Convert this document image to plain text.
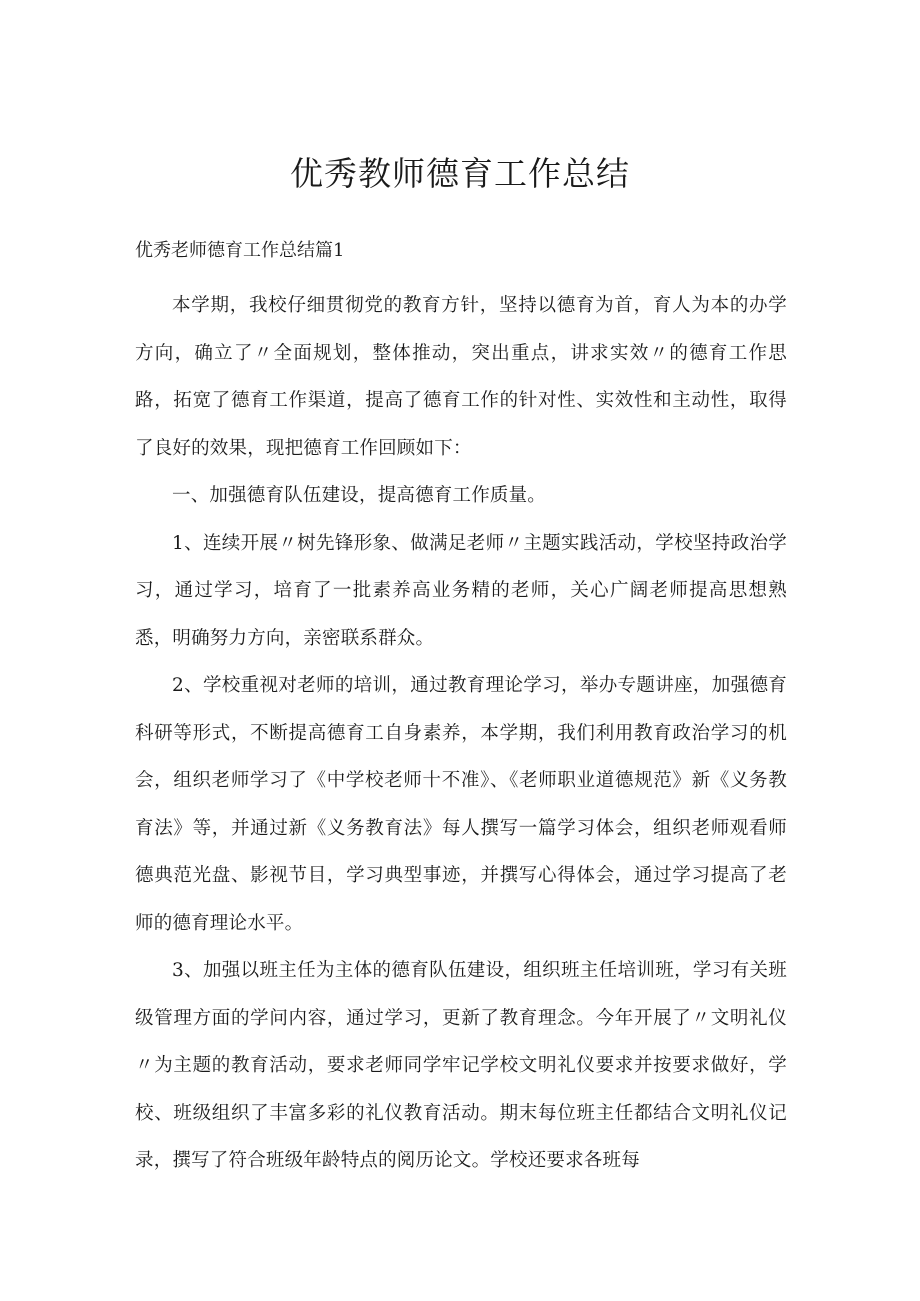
优秀教师德育工作总结

优秀老师德育工作总结篇1

本学期，我校仔细贯彻党的教育方针，坚持以德育为首，育人为本的办学方向，确立了〃全面规划，整体推动，突出重点，讲求实效〃的德育工作思路，拓宽了德育工作渠道，提高了德育工作的针对性、实效性和主动性，取得了良好的效果，现把德育工作回顾如下：

一、加强德育队伍建设，提高德育工作质量。

1、连续开展〃树先锋形象、做满足老师〃主题实践活动，学校坚持政治学习，通过学习，培育了一批素养高业务精的老师，关心广阔老师提高思想熟悉，明确努力方向，亲密联系群众。

2、学校重视对老师的培训，通过教育理论学习，举办专题讲座，加强德育科研等形式，不断提高德育工自身素养，本学期，我们利用教育政治学习的机会，组织老师学习了《中学校老师十不准》、《老师职业道德规范》新《义务教育法》等，并通过新《义务教育法》每人撰写一篇学习体会，组织老师观看师德典范光盘、影视节目，学习典型事迹，并撰写心得体会，通过学习提高了老师的德育理论水平。

3、加强以班主任为主体的德育队伍建设，组织班主任培训班，学习有关班级管理方面的学问内容，通过学习，更新了教育理念。今年开展了〃文明礼仪〃为主题的教育活动，要求老师同学牢记学校文明礼仪要求并按要求做好，学校、班级组织了丰富多彩的礼仪教育活动。期末每位班主任都结合文明礼仪记录，撰写了符合班级年龄特点的阅历论文。学校还要求各班每
